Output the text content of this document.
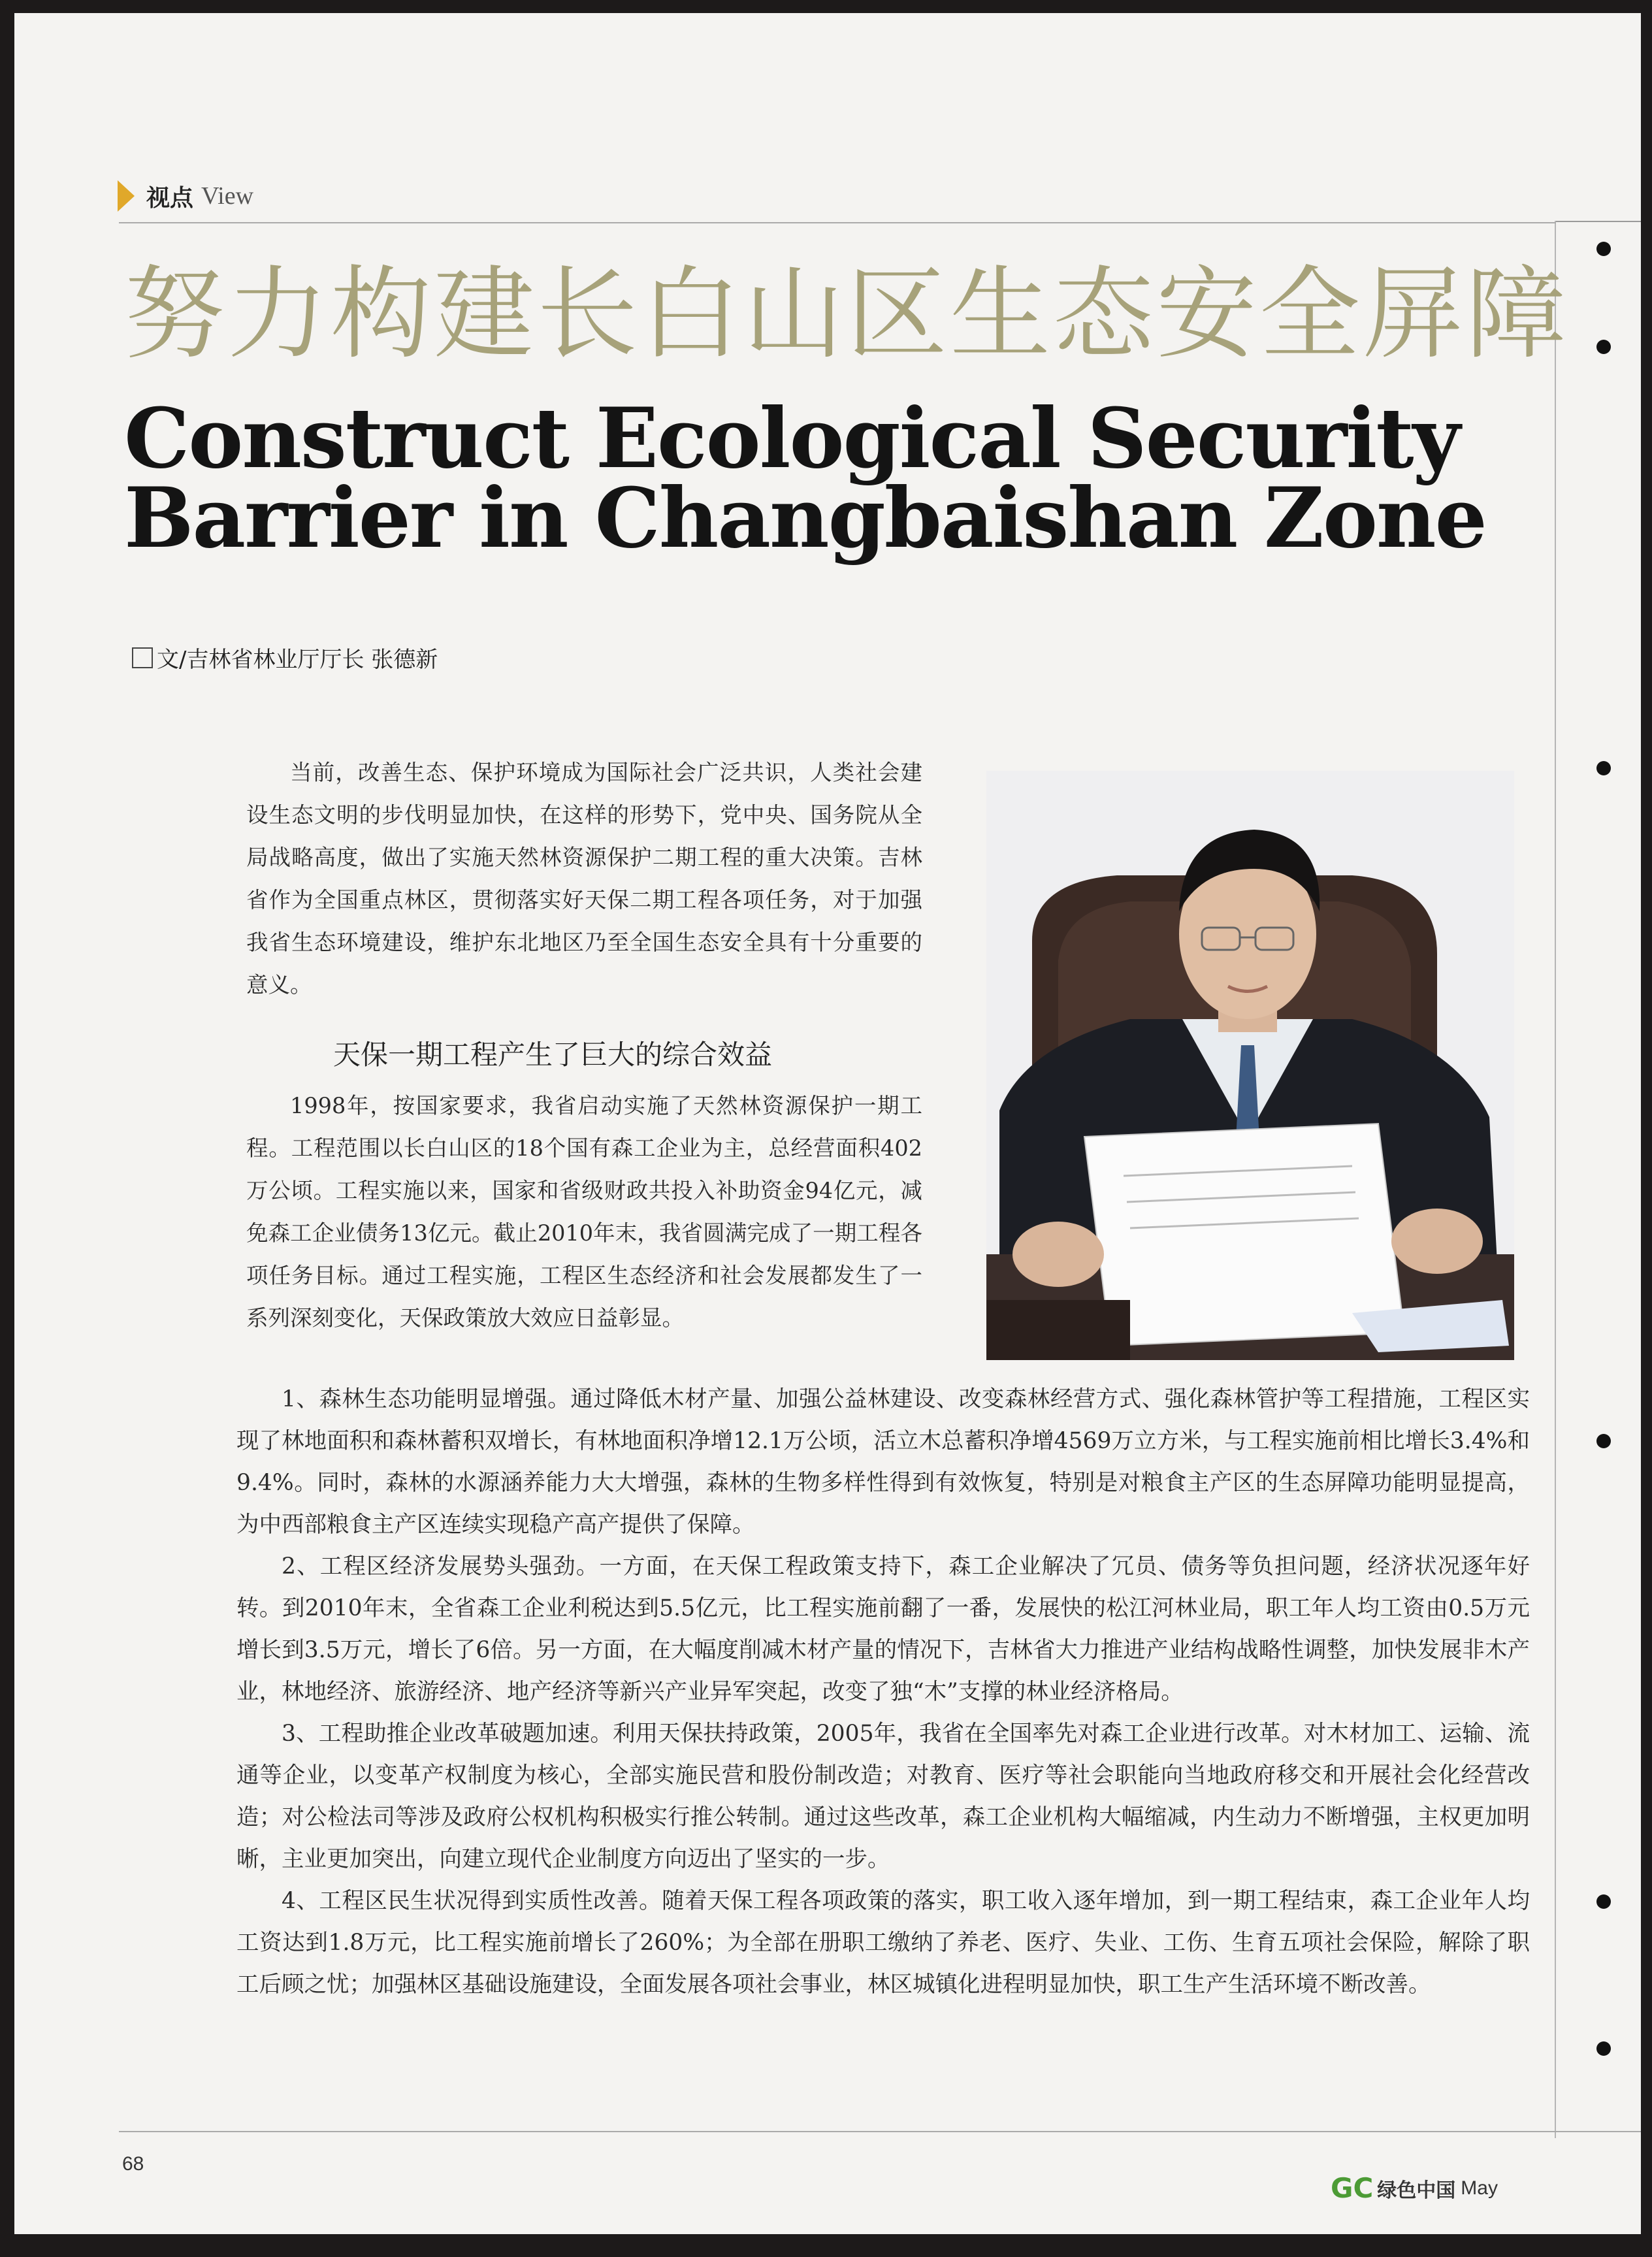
视点 View
努力构建长白山区生态安全屏障
Construct Ecological Security
Barrier in Changbaishan Zone
文/吉林省林业厅厅长 张德新

当前，改善生态、保护环境成为国际社会广泛共识，人类社会建设生态文明的步伐明显加快，在这样的形势下，党中央、国务院从全局战略高度，做出了实施天然林资源保护二期工程的重大决策。吉林省作为全国重点林区，贯彻落实好天保二期工程各项任务，对于加强我省生态环境建设，维护东北地区乃至全国生态安全具有十分重要的意义。

天保一期工程产生了巨大的综合效益

1998年，按国家要求，我省启动实施了天然林资源保护一期工程。工程范围以长白山区的18个国有森工企业为主，总经营面积402万公顷。工程实施以来，国家和省级财政共投入补助资金94亿元，减免森工企业债务13亿元。截止2010年末，我省圆满完成了一期工程各项任务目标。通过工程实施，工程区生态经济和社会发展都发生了一系列深刻变化，天保政策放大效应日益彰显。

1、森林生态功能明显增强。通过降低木材产量、加强公益林建设、改变森林经营方式、强化森林管护等工程措施，工程区实现了林地面积和森林蓄积双增长，有林地面积净增12.1万公顷，活立木总蓄积净增4569万立方米，与工程实施前相比增长3.4%和9.4%。同时，森林的水源涵养能力大大增强，森林的生物多样性得到有效恢复，特别是对粮食主产区的生态屏障功能明显提高，为中西部粮食主产区连续实现稳产高产提供了保障。

2、工程区经济发展势头强劲。一方面，在天保工程政策支持下，森工企业解决了冗员、债务等负担问题，经济状况逐年好转。到2010年末，全省森工企业利税达到5.5亿元，比工程实施前翻了一番，发展快的松江河林业局，职工年人均工资由0.5万元增长到3.5万元，增长了6倍。另一方面，在大幅度削减木材产量的情况下，吉林省大力推进产业结构战略性调整，加快发展非木产业，林地经济、旅游经济、地产经济等新兴产业异军突起，改变了独“木”支撑的林业经济格局。

3、工程助推企业改革破题加速。利用天保扶持政策，2005年，我省在全国率先对森工企业进行改革。对木材加工、运输、流通等企业，以变革产权制度为核心，全部实施民营和股份制改造；对教育、医疗等社会职能向当地政府移交和开展社会化经营改造；对公检法司等涉及政府公权机构积极实行推公转制。通过这些改革，森工企业机构大幅缩减，内生动力不断增强，主权更加明晰，主业更加突出，向建立现代企业制度方向迈出了坚实的一步。

4、工程区民生状况得到实质性改善。随着天保工程各项政策的落实，职工收入逐年增加，到一期工程结束，森工企业年人均工资达到1.8万元，比工程实施前增长了260%；为全部在册职工缴纳了养老、医疗、失业、工伤、生育五项社会保险，解除了职工后顾之忧；加强林区基础设施建设，全面发展各项社会事业，林区城镇化进程明显加快，职工生产生活环境不断改善。

68
GC 绿色中国 May
